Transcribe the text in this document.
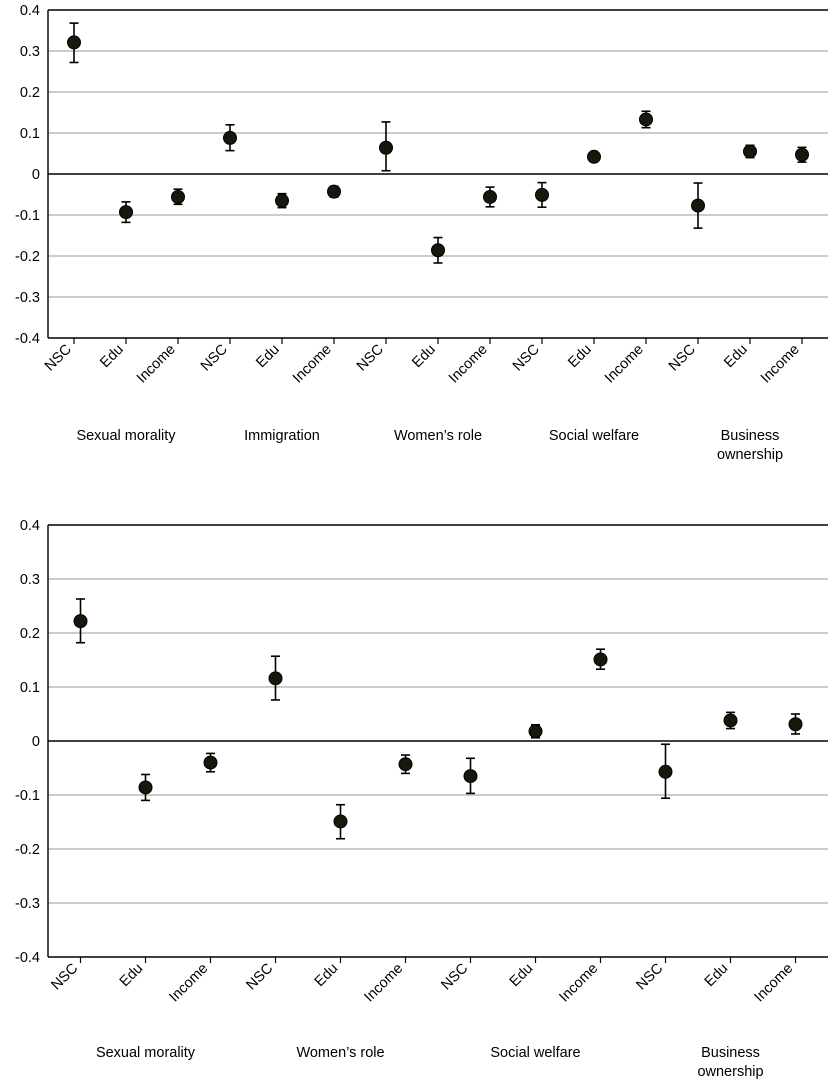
-0.4
-0.3
-0.2
-0.1
0
0.1
0.2
0.3
0.4
NSC Edu Income NSC Edu Income NSC Edu Income NSC Edu Income NSC Edu Income
Sexual morality	Immigration	Women’s role	Social welfare	Business
ownership
-0.4
-0.3
-0.2
-0.1
0
0.1
0.2
0.3
0.4
NSC Edu Income NSC Edu Income NSC Edu Income NSC Edu Income
Sexual morality	Women’s role	Social welfare	Business
ownership
